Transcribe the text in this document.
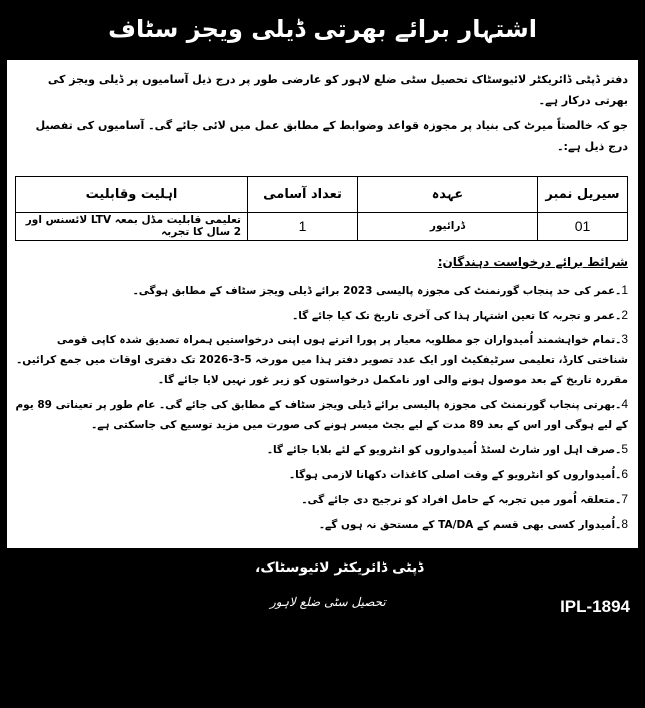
اشتہار برائے بھرتی ڈیلی ویجز سٹاف
دفتر ڈپٹی ڈائریکٹر لائیوسٹاک تحصیل سٹی ضلع لاہور کو عارضی طور پر درج ذیل آسامیوں پر ڈیلی ویجز کی بھرتی درکار ہے۔
جو کہ خالصتاً میرٹ کی بنیاد پر مجوزہ قواعد وضوابط کے مطابق عمل میں لائی جائے گی۔ آسامیوں کی تفصیل درج ذیل ہے:۔
سیریل نمبر	عہدہ	تعداد آسامی	اہلیت وقابلیت
01	ڈرائیور	1	تعلیمی قابلیت مڈل بمعہ LTV لائسنس اور 2 سال کا تجربہ
شرائط برائے درخواست دہندگان:
1۔عمر کی حد پنجاب گورنمنٹ کی مجوزہ پالیسی 2023 برائے ڈیلی ویجز سٹاف کے مطابق ہوگی۔
2۔عمر و تجربہ کا تعین اشتہار ہذا کی آخری تاریخ تک کیا جائے گا۔
3۔تمام خواہشمند اُمیدواران جو مطلوبہ معیار پر پورا اترتے ہوں اپنی درخواستیں ہمراہ تصدیق شدہ کاپی قومی شناختی کارڈ، تعلیمی سرٹیفکیٹ اور ایک عدد تصویر دفتر ہذا میں مورخہ 5-3-2026 تک دفتری اوقات میں جمع کرائیں۔ مقررہ تاریخ کے بعد موصول ہونے والی اور نامکمل درخواستوں کو زیر غور نہیں لایا جائے گا۔
4۔بھرتی پنجاب گورنمنٹ کی مجوزہ پالیسی برائے ڈیلی ویجز سٹاف کے مطابق کی جائے گی۔ عام طور پر تعیناتی 89 یوم کے لیے ہوگی اور اس کے بعد 89 مدت کے لیے بجٹ میسر ہونے کی صورت میں مزید توسیع کی جاسکتی ہے۔
5۔صرف اہل اور شارٹ لسٹڈ اُمیدواروں کو انٹرویو کے لئے بلایا جائے گا۔
6۔اُمیدواروں کو انٹرویو کے وقت اصلی کاغذات دکھانا لازمی ہوگا۔
7۔متعلقہ اُمور میں تجربہ کے حامل افراد کو ترجیح دی جائے گی۔
8۔اُمیدوار کسی بھی قسم کے TA/DA کے مستحق نہ ہوں گے۔
ڈپٹی ڈائریکٹر لائیوسٹاک،
تحصیل سٹی ضلع لاہور	IPL-1894
